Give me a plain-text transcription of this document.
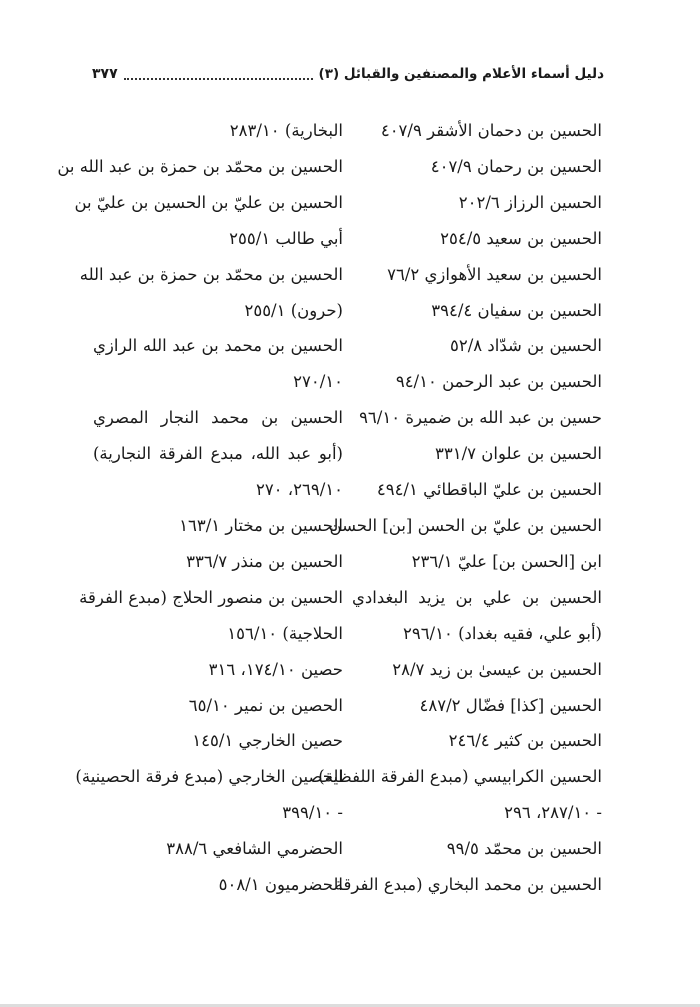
دليل أسماء الأعلام والمصنفين والقبائل (٣)
٣٧٧
الحسين بن دحمان الأشقر ٤٠٧/٩
الحسين بن رحمان ٤٠٧/٩
الحسين الرزاز ٢٠٢/٦
الحسين بن سعيد ٢٥٤/٥
الحسين بن سعيد الأهوازي ٧٦/٢
الحسين بن سفيان ٣٩٤/٤
الحسين بن شدّاد ٥٢/٨
الحسين بن عبد الرحمن ٩٤/١٠
حسين بن عبد الله بن ضميرة ٩٦/١٠
الحسين بن علوان ٣٣١/٧
الحسين بن عليّ الباقطائي ٤٩٤/١
الحسين بن عليّ بن الحسن [بن] الحسن
ابن [الحسن بن] عليّ ٢٣٦/١
الحسين بن علي بن يزيد البغدادي
(أبو علي، فقيه بغداد) ٢٩٦/١٠
الحسين بن عيسىٰ بن زيد ٢٨/٧
الحسين [كذا] فضّال ٤٨٧/٢
الحسين بن كثير ٢٤٦/٤
الحسين الكرابيسي (مبدع الفرقة اللفظية)
- ٢٨٧/١٠، ٢٩٦
الحسين بن محمّد ٩٩/٥
الحسين بن محمد البخاري (مبدع الفرقة
البخارية) ٢٨٣/١٠
الحسين بن محمّد بن حمزة بن عبد الله بن
الحسين بن عليّ بن الحسين بن عليّ بن
أبي طالب ٢٥٥/١
الحسين بن محمّد بن حمزة بن عبد الله
(حرون) ٢٥٥/١
الحسين بن محمد بن عبد الله الرازي
٢٧٠/١٠
الحسين بن محمد النجار المصري
(أبو عبد الله، مبدع الفرقة النجارية)
٢٦٩/١٠، ٢٧٠
الحسين بن مختار ١٦٣/١
الحسين بن منذر ٣٣٦/٧
الحسين بن منصور الحلاج (مبدع الفرقة
الحلاجية) ١٥٦/١٠
حصين ١٧٤/١٠، ٣١٦
الحصين بن نمير ٦٥/١٠
حصين الخارجي ١٤٥/١
الحصين الخارجي (مبدع فرقة الحصينية)
- ٣٩٩/١٠
الحضرمي الشافعي ٣٨٨/٦
الحضرميون ٥٠٨/١
